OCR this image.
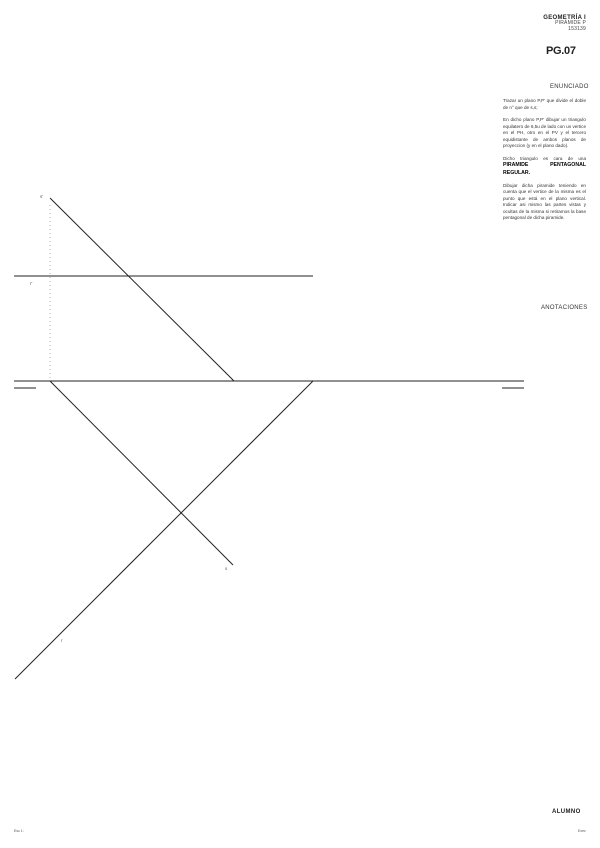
s'
r'
s
r
GEOMETRÍA I
PIRÁMIDE P
153139
PG.07
ENUNCIADO

Trazar un plano P,P' que divide el doble de n° que de s,s;

En dicho plano P,P' dibujar un triangulo equilatero de 6,5u de lado con un vertice en el PH, otro en el PV y el tercero equidistante de ambos planos de proyeccion (y en el plano dado).

Dicho triangulo es cara de una PIRAMIDE PENTAGONAL REGULAR.

Dibujar dicha piramide teniendo en cuenta que el vertice de la misma es el punto que está en el plano vertical. Indicar asi mismo las partes vistas y ocultas de la misma si retiramos la base pentagonal de dicha piramide.

ANOTACIONES
ALUMNO
Esc 1:	Exec
